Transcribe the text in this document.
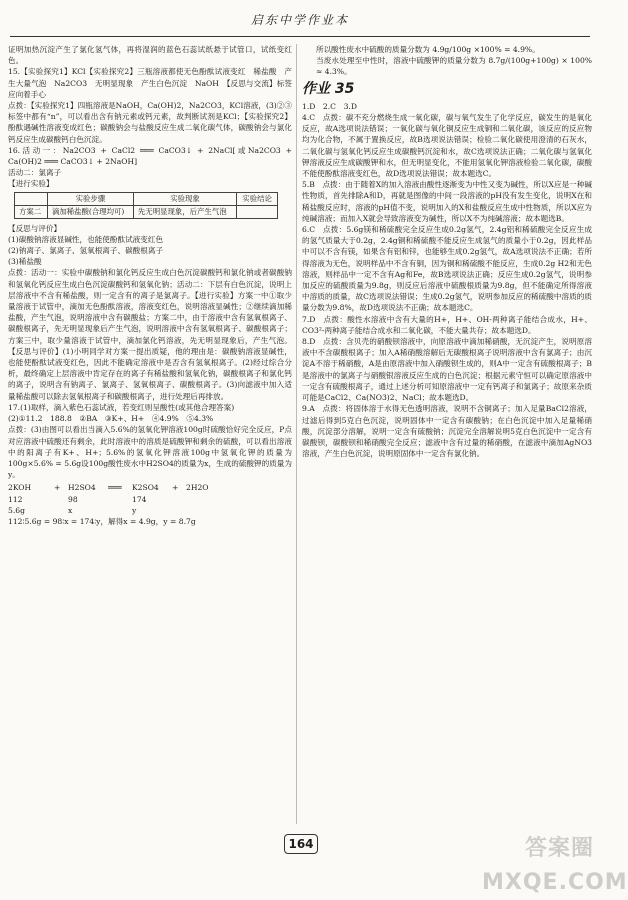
启东中学作业本

证明加热沉淀产生了氯化氢气体，再将湿润的蓝色石蕊试纸悬于试管口，试纸变红色。

15.【实验探究1】KCl【实验探究2】三瓶溶液都使无色酚酞试液变红　稀盐酸　产生大量气泡　Na2CO3　无明显现象　产生白色沉淀　NaOH　【反思与交流】标签应向着手心

点拨：【实验探究1】四瓶溶液是NaOH，Ca(OH)2，Na2CO3，KCl溶液，(3)②③标签中都有“n”，可以看出含有钠元素或钙元素，故判断试剂是KCl；【实验探究2】酚酞遇碱性溶液变成红色；碳酸钠会与盐酸反应生成二氧化碳气体，碳酸钠会与氯化钙反应生成碳酸钙白色沉淀。

16.活动一：Na2CO3 + CaCl2 ═══ CaCO3↓ + 2NaCl[或Na2CO3 + Ca(OH)2 ═══ CaCO3↓ + 2NaOH]

活动二：氯离子

【进行实验】

	实验步骤	实验现象	实验结论
方案二	滴加稀盐酸(合理均可)	先无明显现象，后产生气泡	

【反思与评价】

(1)碳酸钠溶液显碱性，也能使酚酞试液变红色

(2)钠离子、氯离子、氢氧根离子、碳酸根离子

(3)稀盐酸

点拨：活动一：实验中碳酸钠和氯化钙反应生成白色沉淀碳酸钙和氯化钠或者碳酸钠和氢氧化钙反应生成白色沉淀碳酸钙和氢氧化钠；活动二：下层有白色沉淀，说明上层溶液中不含有稀盐酸，则一定含有的离子是氯离子。【进行实验】方案一中①取少量溶液于试管中，滴加无色酚酞溶液，溶液变红色，说明溶液显碱性；②继续滴加稀盐酸，产生气泡，说明溶液中含有碳酸盐；方案二中，由于溶液中含有氢氧根离子、碳酸根离子，先无明显现象后产生气泡，说明溶液中含有氢氧根离子、碳酸根离子；方案三中，取少量溶液于试管中，滴加氯化钙溶液，先无明显现象后，产生气泡。【反思与评价】(1)小明同学对方案一提出质疑，他的理由是：碳酸钠溶液显碱性，也能使酚酞试液变红色，因此不能确定溶液中是否含有氢氧根离子。(2)经过综合分析，最终确定上层溶液中肯定存在的离子有稀盐酸和氢氧化钠，碳酸根离子和氯化钙的离子，说明含有钠离子、氯离子、氢氧根离子、碳酸根离子。(3)向滤液中加入适量稀盐酸可以除去氢氧根离子和碳酸根离子，进行处理后再排放。

17.(1)取样，滴入紫色石蕊试液，若变红则呈酸性(或其他合理答案)

(2)①11.2　188.8　②BA　③K+、H+　④4.9%　⑤4.3%

点拨：(3)由图可以看出当滴入5.6%的氢氧化钾溶液100g时硫酸恰好完全反应，P点对应溶液中硫酸还有剩余，此时溶液中的溶质是硫酸钾和剩余的硫酸，可以看出溶液中的阳离子有K+、H+；5.6%的氢氧化钾溶液100g中氢氧化钾的质量为100g×5.6% = 5.6g设100g酸性废水中H2SO4的质量为x，生成的硫酸钾的质量为y。

2KOH	+	H2SO4	═══	K2SO4	+	2H2O
112	98	174
5.6g	x	y

112∶5.6g = 98∶x = 174∶y，解得x = 4.9g，y = 8.7g

所以酸性废水中硫酸的质量分数为 4.9g/100g ×100% = 4.9%。

当废水处理至中性时，溶液中硫酸钾的质量分数为 8.7g/(100g+100g) × 100% ≈ 4.3%。

作业 35

1.D　2.C　3.D

4.C　点拨：碳不充分燃烧生成一氧化碳，碳与氧气发生了化学反应，碳发生的是氧化反应，故A选项说法错误；一氧化碳与氧化铜反应生成铜和二氧化碳，该反应的反应物均为化合物，不属于置换反应，故B选项说法错误；检验二氧化碳使用澄清的石灰水，二氧化碳与氢氧化钙反应生成碳酸钙沉淀和水，故C选项说法正确；二氧化碳与氢氧化钾溶液反应生成碳酸钾和水，但无明显变化，不能用氢氧化钾溶液检验二氧化碳，碳酸不能使酚酞溶液变红色，故D选项说法错误；故本题选C。

5.B　点拨：由于随着X的加入溶液由酸性逐渐变为中性又变为碱性，所以X应是一种碱性物质，首先排除A和D，再就是图像的中间一段溶液的pH没有发生变化，说明X在和稀盐酸反应时，溶液的pH值不变，说明加入的X和盐酸反应生成中性物质，所以X应为纯碱溶液；而加入X就会导致溶液变为碱性，所以X不为纯碱溶液；故本题选B。

6.C　点拨：5.6g镁和稀硫酸完全反应生成0.2g氢气，2.4g铝和稀硫酸完全反应生成的氢气质量大于0.2g，2.4g铜和稀硫酸不能反应生成氢气的质量小于0.2g，因此样品中可以不含有镁，如果含有铝和锌，也能够生成0.2g氢气，故A选项说法不正确；若所得溶液为无色，说明样品中不含有铜，因为铜和稀硫酸不能反应，生成0.2g H2和无色溶液，则样品中一定不含有Ag和Fe，故B选项说法正确；反应生成0.2g氢气，说明参加反应的硫酸质量为9.8g，则反应后溶液中硫酸根质量为9.8g，但不能确定所得溶液中溶质的质量，故C选项说法错误；生成0.2g氢气，说明参加反应的稀硫酸中溶质的质量分数为9.8%，故D选项说法不正确；故本题选C。

7.D　点拨：酸性水溶液中含有大量的H+，H+、OH-两种离子能结合成水，H+、CO3²-两种离子能结合成水和二氧化碳，不能大量共存；故本题选D。

8.D　点拨：含贝壳的硝酸钡溶液中，向原溶液中滴加稀硝酸，无沉淀产生，说明原溶液中不含碳酸根离子；加入A稀硝酸溶解后无碳酸根离子说明溶液中含有氯离子；由沉淀A不溶于稀硝酸，A是由原溶液中加入硝酸钡生成的，则A中一定含有硫酸根离子；B是溶液中的氯离子与硝酸银溶液反应生成的白色沉淀；根据元素守恒可以确定原溶液中一定含有硫酸根离子，通过上述分析可知原溶液中一定有钙离子和氯离子；故原来杂质可能是CaCl2、Ca(NO3)2、NaCl；故本题选D。

9.A　点拨：将固体溶于水得无色透明溶液，说明不含铜离子；加入足量BaCl2溶液，过滤后得到5克白色沉淀，说明固体中一定含有碳酸钠；在白色沉淀中加入足量稀硝酸，沉淀部分溶解，说明一定含有硫酸钠；沉淀完全溶解说明5克白色沉淀中一定含有碳酸钡，碳酸钡和稀硝酸完全反应；滤液中含有过量的稀硝酸，在滤液中滴加AgNO3溶液，产生白色沉淀，说明原固体中一定含有氯化钠。

164	答案圈 MXQE.COM
